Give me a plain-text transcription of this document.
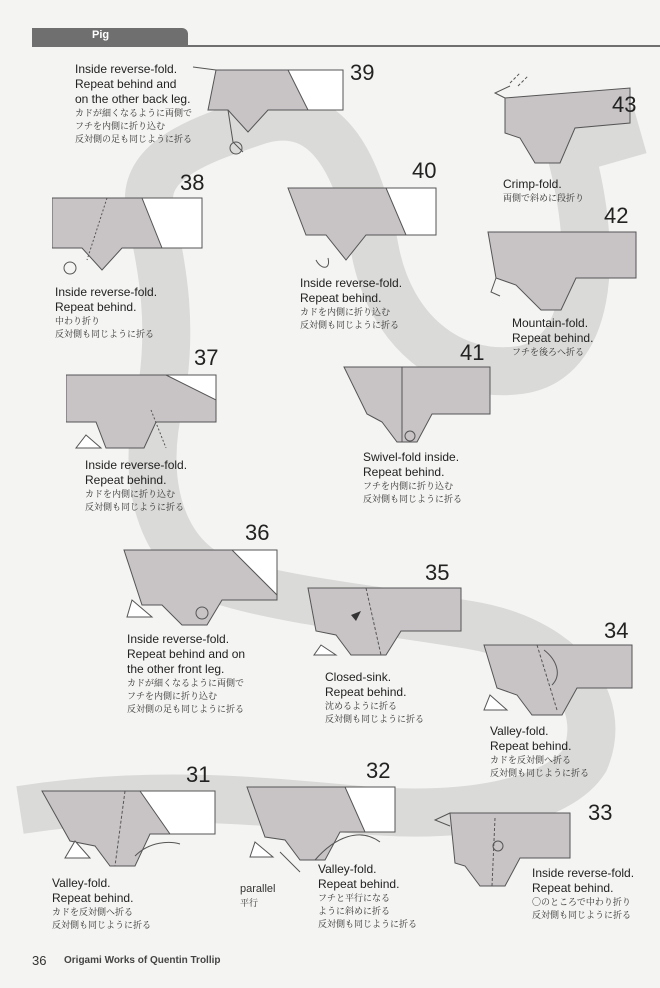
Pig
39
43
38	40
42
37	41
36
35
34
31	32
33
Inside reverse-fold.
Repeat behind and
on the other back leg.
カドが細くなるように両側で
フチを内側に折り込む
反対側の足も同じように折る
Crimp-fold.
両側で斜めに段折り
Inside reverse-fold.
Repeat behind.
中わり折り
反対側も同じように折る
Inside reverse-fold.
Repeat behind.
カドを内側に折り込む
反対側も同じように折る	Mountain-fold.
Repeat behind.
フチを後ろへ折る
Inside reverse-fold.
Repeat behind.
カドを内側に折り込む
反対側も同じように折る
Swivel-fold inside.
Repeat behind.
フチを内側に折り込む
反対側も同じように折る
Inside reverse-fold.
Repeat behind and on
the other front leg.
カドが細くなるように両側で
フチを内側に折り込む
反対側の足も同じように折る
Closed-sink.
Repeat behind.
沈めるように折る
反対側も同じように折る
Valley-fold.
Repeat behind.
カドを反対側へ折る
反対側も同じように折る
Valley-fold.
Repeat behind.
カドを反対側へ折る
反対側も同じように折る
Valley-fold.
Repeat behind.
フチと平行になる
ように斜めに折る
反対側も同じように折る
Inside reverse-fold.
Repeat behind.
〇のところで中わり折り
反対側も同じように折る
parallel
平行
36 Origami Works of Quentin Trollip
